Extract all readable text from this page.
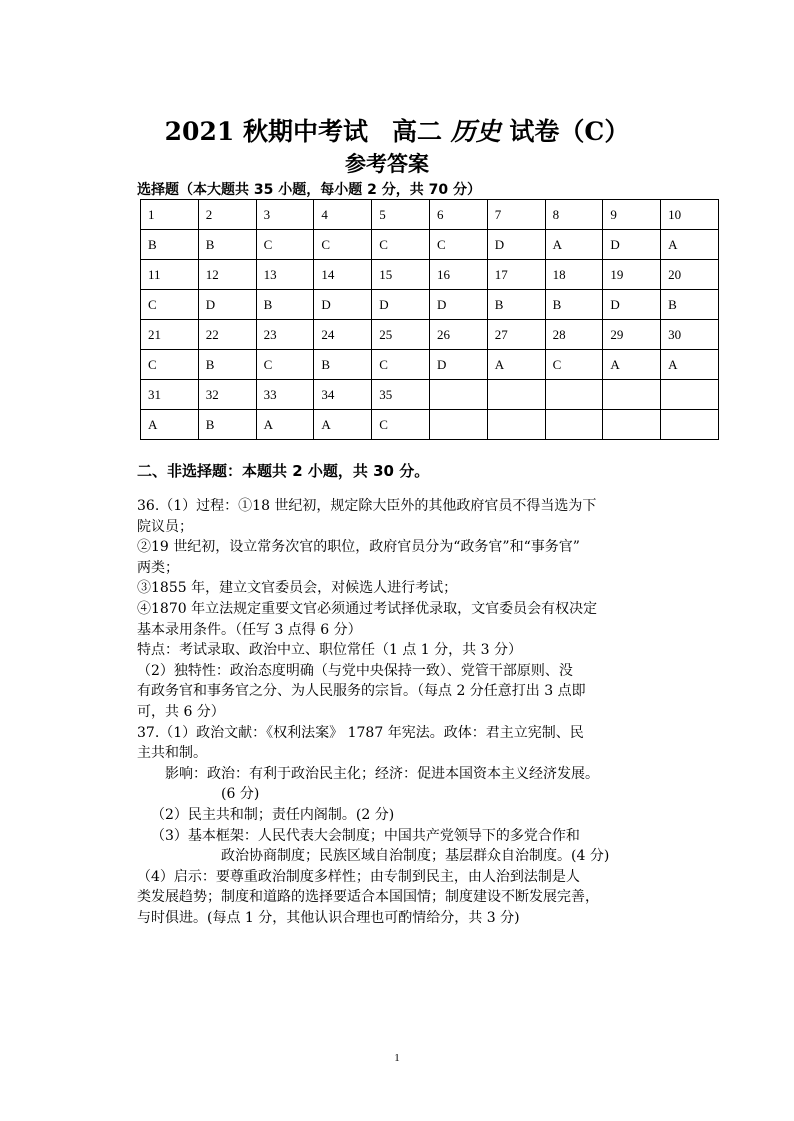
2021 秋期中考试 高二 历史 试卷（C）
参考答案
选择题（本大题共 35 小题，每小题 2 分，共 70 分）
1	2	3	4	5	6	7	8	9	10
B	B	C	C	C	C	D	A	D	A
11	12	13	14	15	16	17	18	19	20
C	D	B	D	D	D	B	B	D	B
21	22	23	24	25	26	27	28	29	30
C	B	C	B	C	D	A	C	A	A
31	32	33	34	35					
A	B	A	A	C					
二、非选择题：本题共 2 小题，共 30 分。
36.（1）过程：①18 世纪初，规定除大臣外的其他政府官员不得当选为下
院议员；
②19 世纪初，设立常务次官的职位，政府官员分为“政务官”和“事务官”
两类；
③1855 年，建立文官委员会，对候选人进行考试；
④1870 年立法规定重要文官必须通过考试择优录取，文官委员会有权决定
基本录用条件。（任写 3 点得 6 分）
特点：考试录取、政治中立、职位常任（1 点 1 分，共 3 分）
（2）独特性：政治态度明确（与党中央保持一致）、党管干部原则、没
有政务官和事务官之分、为人民服务的宗旨。（每点 2 分任意打出 3 点即
可，共 6 分）
37.（1）政治文献：《权利法案》 1787 年宪法。政体：君主立宪制、民
主共和制。
影响：政治：有利于政治民主化；经济：促进本国资本主义经济发展。
(6 分)
（2）民主共和制；责任内阁制。(2 分)
（3）基本框架：人民代表大会制度；中国共产党领导下的多党合作和
政治协商制度；民族区域自治制度；基层群众自治制度。(4 分)
（4）启示：要尊重政治制度多样性；由专制到民主，由人治到法制是人
类发展趋势；制度和道路的选择要适合本国国情；制度建设不断发展完善，
与时俱进。(每点 1 分，其他认识合理也可酌情给分，共 3 分)
1
